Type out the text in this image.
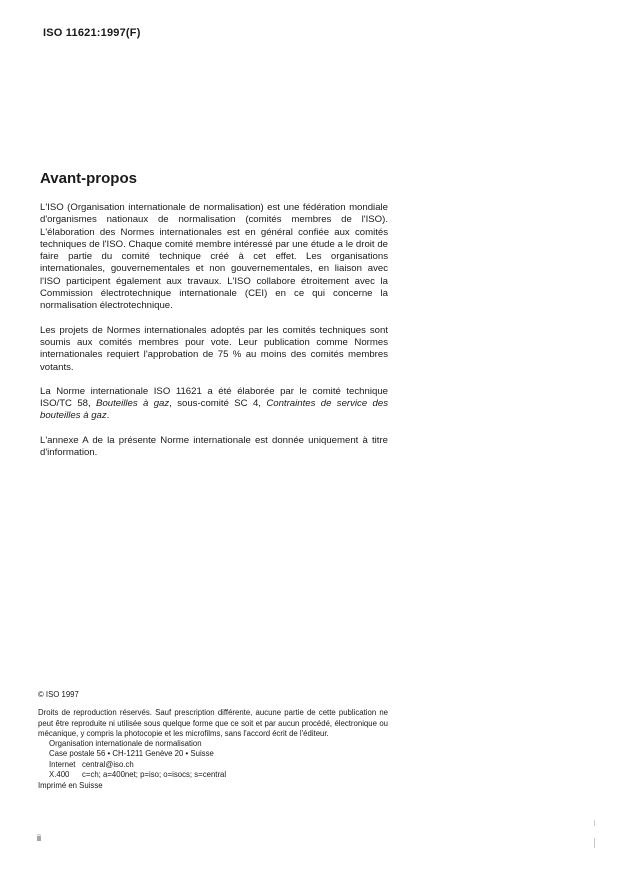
ISO 11621:1997(F)
Avant-propos

L'ISO (Organisation internationale de normalisation) est une fédération mondiale d'organismes nationaux de normalisation (comités membres de l'ISO). L'élaboration des Normes internationales est en général confiée aux comités techniques de l'ISO. Chaque comité membre intéressé par une étude a le droit de faire partie du comité technique créé à cet effet. Les organisations internationales, gouvernementales et non gouvernementales, en liaison avec l'ISO participent également aux travaux. L'ISO collabore étroitement avec la Commission électrotechnique internationale (CEI) en ce qui concerne la normalisation électrotechnique.

Les projets de Normes internationales adoptés par les comités techniques sont soumis aux comités membres pour vote. Leur publication comme Normes internationales requiert l'approbation de 75 % au moins des comités membres votants.

La Norme internationale ISO 11621 a été élaborée par le comité technique ISO/TC 58, Bouteilles à gaz, sous-comité SC 4, Contraintes de service des bouteilles à gaz.

L'annexe A de la présente Norme internationale est donnée uniquement à titre d'information.

© ISO 1997
Droits de reproduction réservés. Sauf prescription différente, aucune partie de cette publication ne peut être reproduite ni utilisée sous quelque forme que ce soit et par aucun procédé, électronique ou mécanique, y compris la photocopie et les microfilms, sans l'accord écrit de l'éditeur.
Organisation internationale de normalisation
Case postale 56 • CH-1211 Genève 20 • Suisse
Internet central@iso.ch
X.400	c=ch; a=400net; p=iso; o=isocs; s=central
Imprimé en Suisse
ii
